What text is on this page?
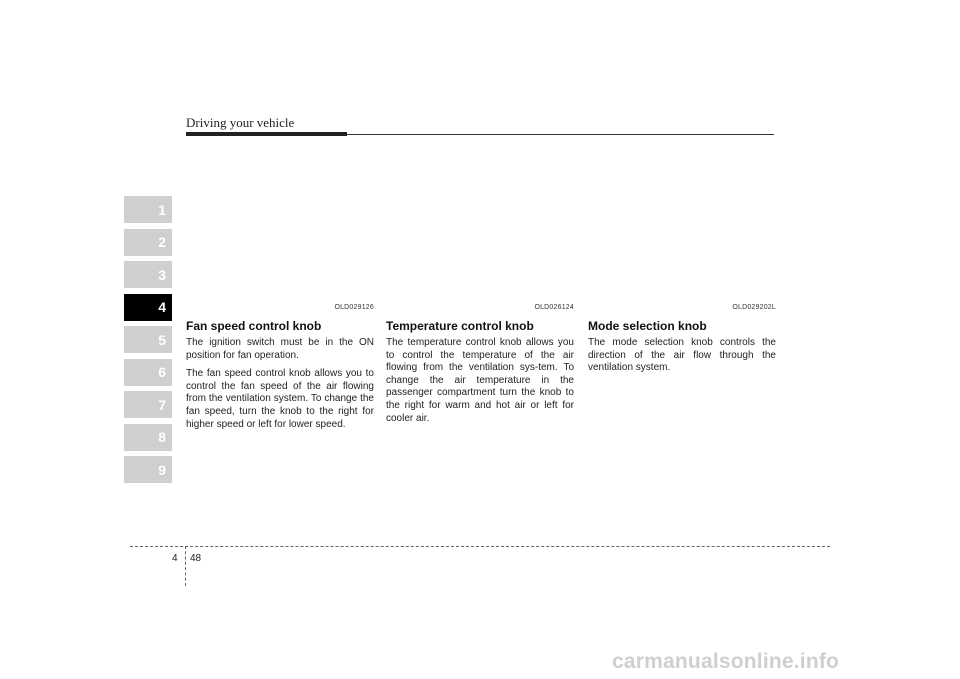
Driving your vehicle
1
2
3
4
5
6
7
8
9
OLD029126
Fan speed control knob

The ignition switch must be in the ON position for fan operation.

The fan speed control knob allows you to control the fan speed of the air flowing from the ventilation system. To change the fan speed, turn the knob to the right for higher speed or left for lower speed.

OLD026124
Temperature control knob

The temperature control knob allows you to control the temperature of the air flowing from the ventilation sys-tem. To change the air temperature in the passenger compartment turn the knob to the right for warm and hot air or left for cooler air.

OLD029202L
Mode selection knob

The mode selection knob controls the direction of the air flow through the ventilation system.

4 48
carmanualsonline.info
